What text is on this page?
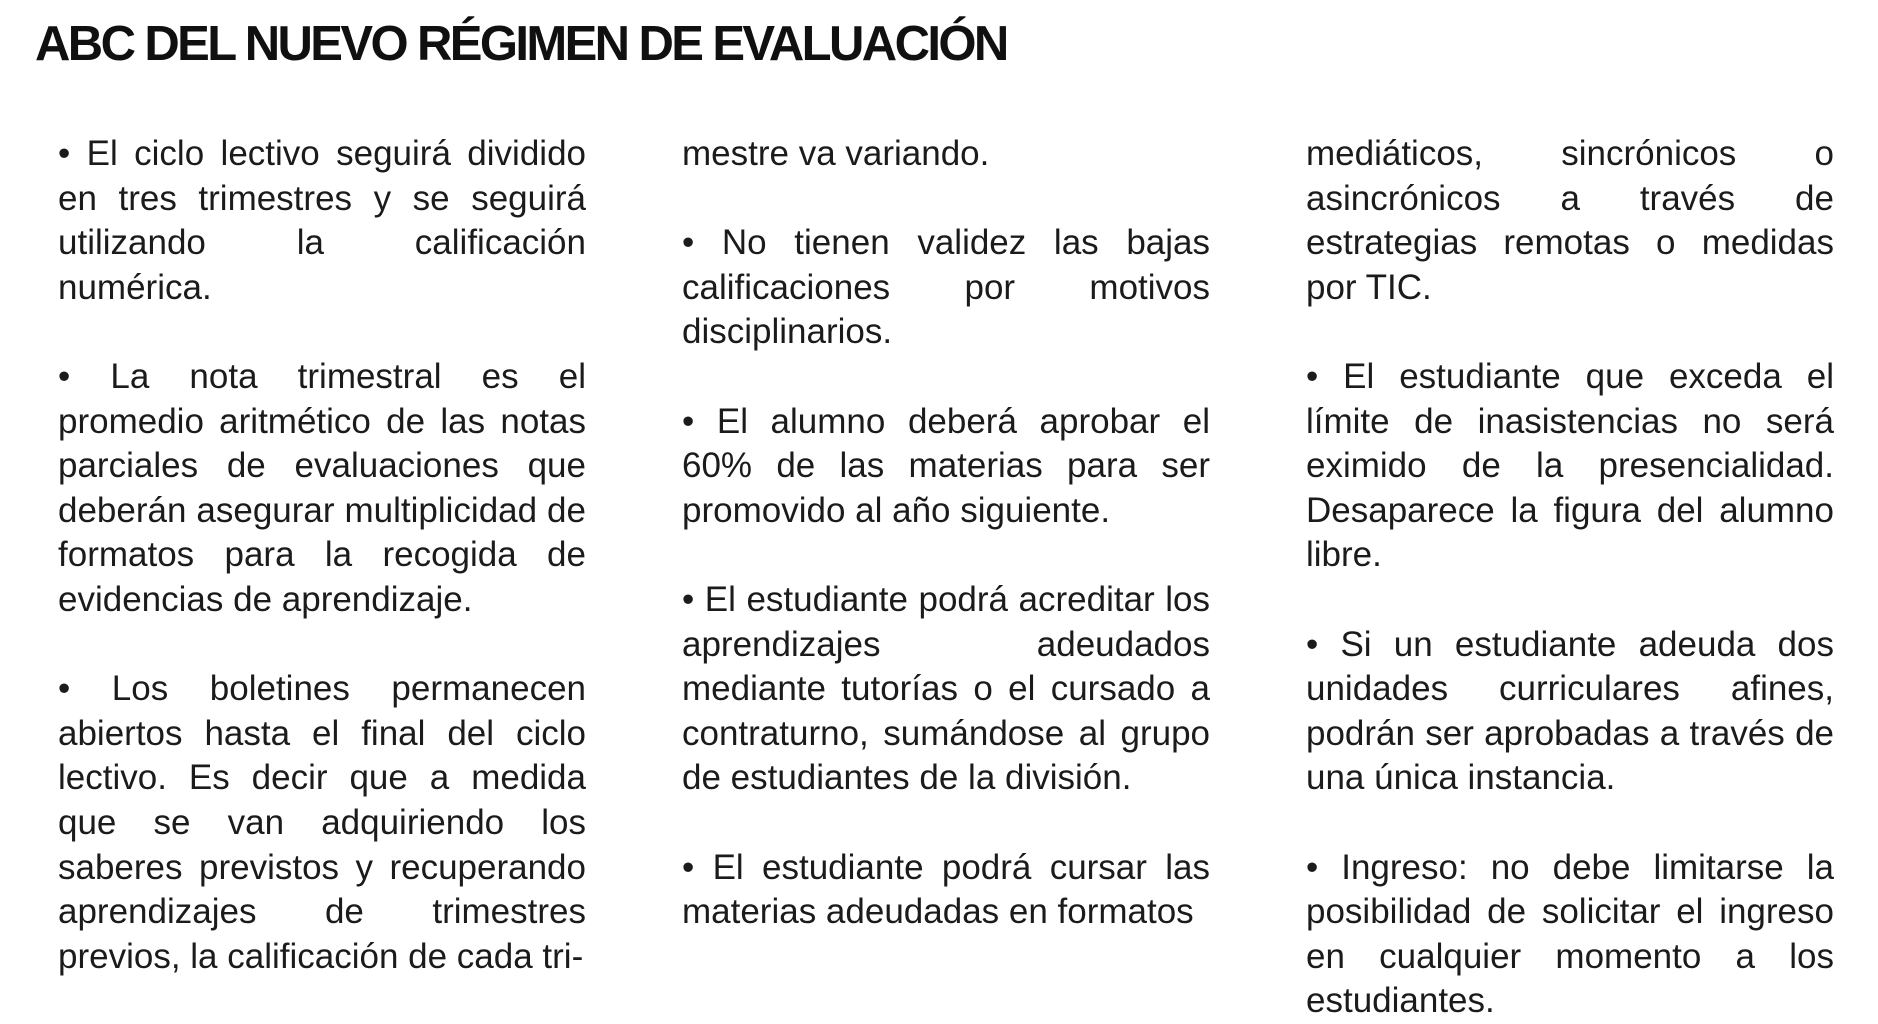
ABC DEL NUEVO RÉGIMEN DE EVALUACIÓN

• El ciclo lectivo seguirá dividido en tres trimestres y se seguirá utilizando la calificación numérica.

• La nota trimestral es el promedio aritmético de las notas parciales de evaluaciones que deberán asegurar multiplicidad de formatos para la recogida de evidencias de aprendizaje.

• Los boletines permanecen abiertos hasta el final del ciclo lectivo. Es decir que a medida que se van adquiriendo los saberes previstos y recuperando aprendizajes de trimestres previos, la calificación de cada tri-

mestre va variando.

• No tienen validez las bajas calificaciones por motivos disciplinarios.

• El alumno deberá aprobar el 60% de las materias para ser promovido al año siguiente.

• El estudiante podrá acreditar los aprendizajes adeudados mediante tutorías o el cursado a contraturno, sumándose al grupo de estudiantes de la división.

• El estudiante podrá cursar las materias adeudadas en formatos

mediáticos, sincrónicos o asincrónicos a través de estrategias remotas o medidas por TIC.

• El estudiante que exceda el límite de inasistencias no será eximido de la presencialidad. Desaparece la figura del alumno libre.

• Si un estudiante adeuda dos unidades curriculares afines, podrán ser aprobadas a través de una única instancia.

• Ingreso: no debe limitarse la posibilidad de solicitar el ingreso en cualquier momento a los estudiantes.
